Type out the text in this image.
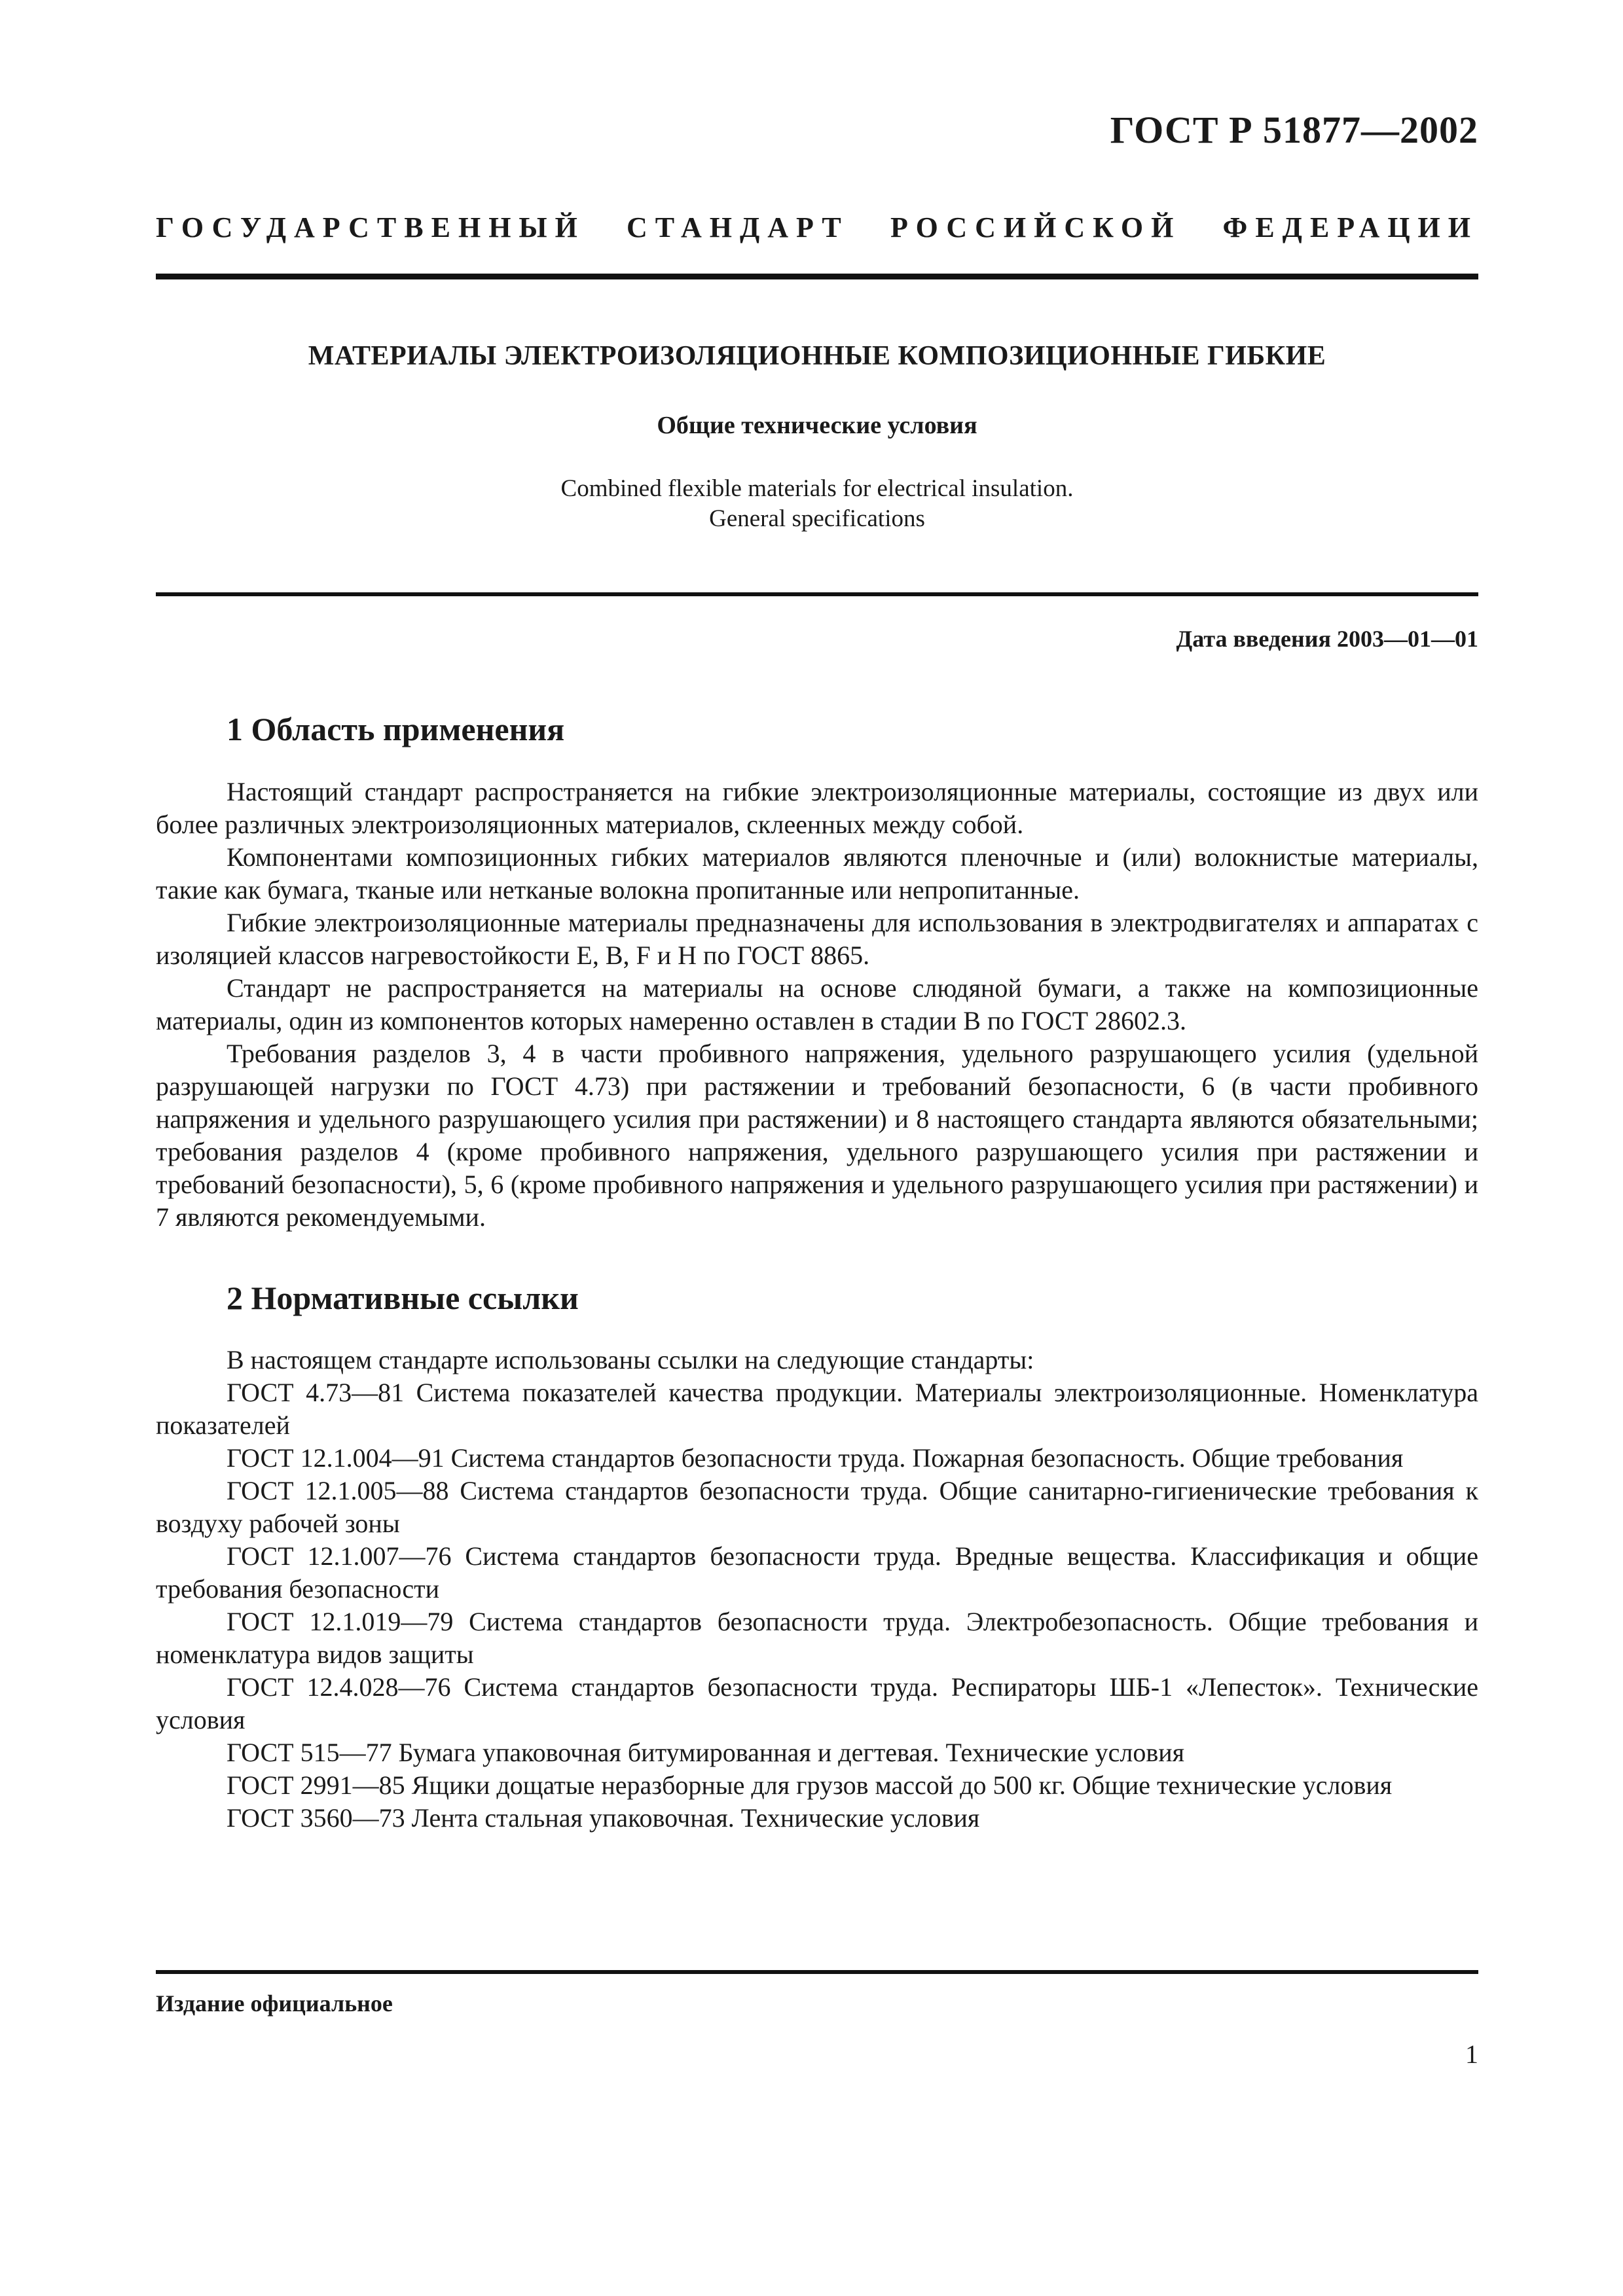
ГОСТ Р 51877—2002
ГОСУДАРСТВЕННЫЙ СТАНДАРТ РОССИЙСКОЙ ФЕДЕРАЦИИ
МАТЕРИАЛЫ ЭЛЕКТРОИЗОЛЯЦИОННЫЕ КОМПОЗИЦИОННЫЕ ГИБКИЕ
Общие технические условия
Combined flexible materials for electrical insulation.
General specifications
Дата введения 2003—01—01
1 Область применения

Настоящий стандарт распространяется на гибкие электроизоляционные материалы, состоящие из двух или более различных электроизоляционных материалов, склеенных между собой.

Компонентами композиционных гибких материалов являются пленочные и (или) волокнистые материалы, такие как бумага, тканые или нетканые волокна пропитанные или непропитанные.

Гибкие электроизоляционные материалы предназначены для использования в электродвигателях и аппаратах с изоляцией классов нагревостойкости Е, В, F и Н по ГОСТ 8865.

Стандарт не распространяется на материалы на основе слюдяной бумаги, а также на композиционные материалы, один из компонентов которых намеренно оставлен в стадии В по ГОСТ 28602.3.

Требования разделов 3, 4 в части пробивного напряжения, удельного разрушающего усилия (удельной разрушающей нагрузки по ГОСТ 4.73) при растяжении и требований безопасности, 6 (в части пробивного напряжения и удельного разрушающего усилия при растяжении) и 8 настоящего стандарта являются обязательными; требования разделов 4 (кроме пробивного напряжения, удельного разрушающего усилия при растяжении и требований безопасности), 5, 6 (кроме пробивного напряжения и удельного разрушающего усилия при растяжении) и 7 являются рекомендуемыми.

2 Нормативные ссылки

В настоящем стандарте использованы ссылки на следующие стандарты:

ГОСТ 4.73—81 Система показателей качества продукции. Материалы электроизоляционные. Номенклатура показателей

ГОСТ 12.1.004—91 Система стандартов безопасности труда. Пожарная безопасность. Общие требования

ГОСТ 12.1.005—88 Система стандартов безопасности труда. Общие санитарно-гигиенические требования к воздуху рабочей зоны

ГОСТ 12.1.007—76 Система стандартов безопасности труда. Вредные вещества. Классификация и общие требования безопасности

ГОСТ 12.1.019—79 Система стандартов безопасности труда. Электробезопасность. Общие требования и номенклатура видов защиты

ГОСТ 12.4.028—76 Система стандартов безопасности труда. Респираторы ШБ-1 «Лепесток». Технические условия

ГОСТ 515—77 Бумага упаковочная битумированная и дегтевая. Технические условия

ГОСТ 2991—85 Ящики дощатые неразборные для грузов массой до 500 кг. Общие технические условия

ГОСТ 3560—73 Лента стальная упаковочная. Технические условия

Издание официальное
1
